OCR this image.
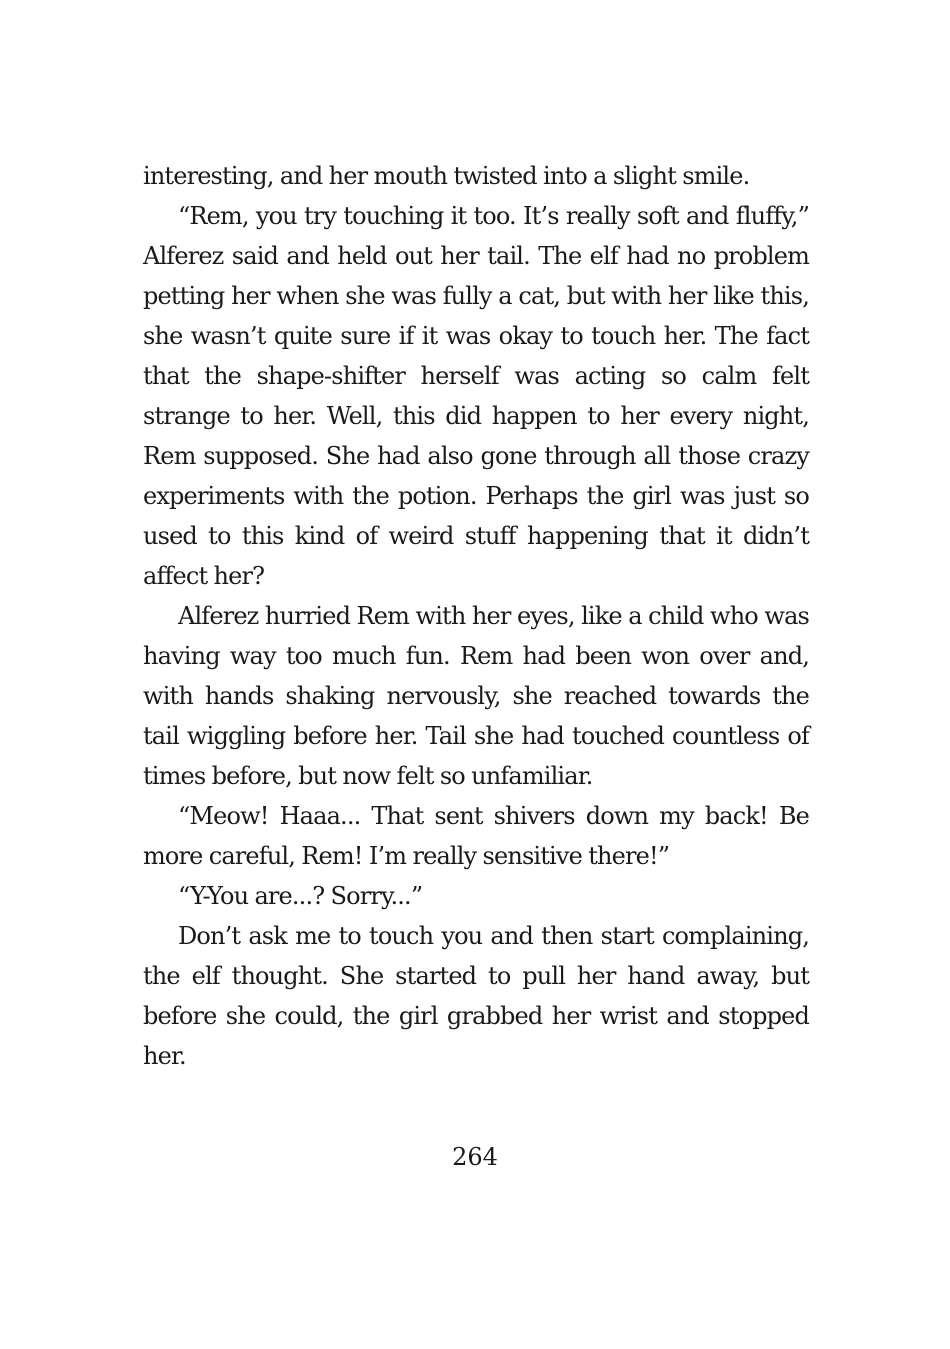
interesting, and her mouth twisted into a slight smile.

“Rem, you try touching it too. It’s really soft and fluffy,” Alferez said and held out her tail. The elf had no problem petting her when she was fully a cat, but with her like this, she wasn’t quite sure if it was okay to touch her. The fact that the shape-shifter herself was acting so calm felt strange to her. Well, this did happen to her every night, Rem supposed. She had also gone through all those crazy experiments with the potion. Perhaps the girl was just so used to this kind of weird stuff happening that it didn’t affect her?

Alferez hurried Rem with her eyes, like a child who was having way too much fun. Rem had been won over and, with hands shaking nervously, she reached towards the tail wiggling before her. Tail she had touched countless of times before, but now felt so unfamiliar.

“Meow! Haaa... That sent shivers down my back! Be more careful, Rem! I’m really sensitive there!”

“Y-You are...? Sorry...”

Don’t ask me to touch you and then start complaining, the elf thought. She started to pull her hand away, but before she could, the girl grabbed her wrist and stopped her.

264
